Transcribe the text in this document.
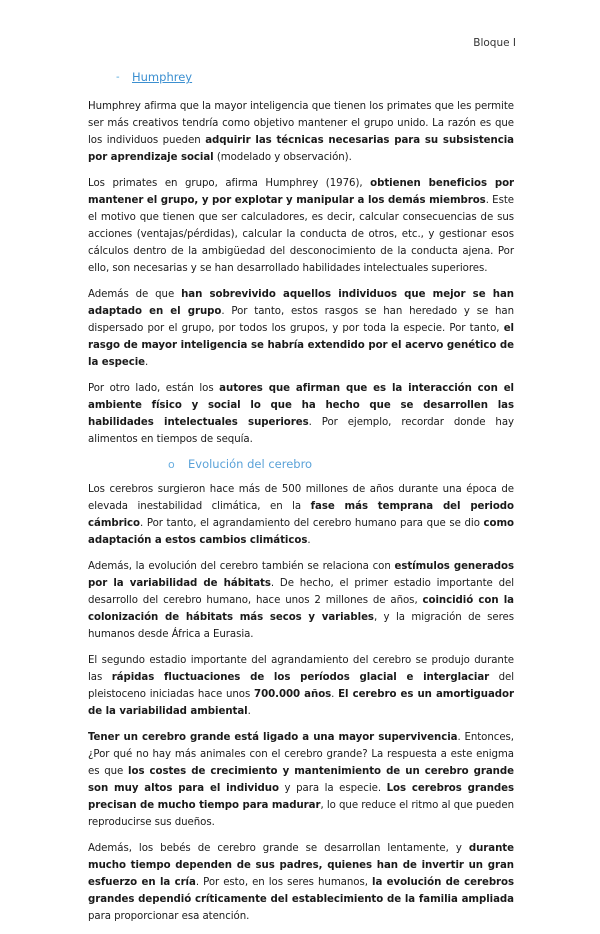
Bloque I
-	Humphrey

Humphrey afirma que la mayor inteligencia que tienen los primates que les permite ser más creativos tendría como objetivo mantener el grupo unido. La razón es que los individuos pueden adquirir las técnicas necesarias para su subsistencia por aprendizaje social (modelado y observación).

Los primates en grupo, afirma Humphrey (1976), obtienen beneficios por mantener el grupo, y por explotar y manipular a los demás miembros. Este el motivo que tienen que ser calculadores, es decir, calcular consecuencias de sus acciones (ventajas/pérdidas), calcular la conducta de otros, etc., y gestionar esos cálculos dentro de la ambigüedad del desconocimiento de la conducta ajena. Por ello, son necesarias y se han desarrollado habilidades intelectuales superiores.

Además de que han sobrevivido aquellos individuos que mejor se han adaptado en el grupo. Por tanto, estos rasgos se han heredado y se han dispersado por el grupo, por todos los grupos, y por toda la especie. Por tanto, el rasgo de mayor inteligencia se habría extendido por el acervo genético de la especie.

Por otro lado, están los autores que afirman que es la interacción con el ambiente físico y social lo que ha hecho que se desarrollen las habilidades intelectuales superiores. Por ejemplo, recordar donde hay alimentos en tiempos de sequía.

o	Evolución del cerebro

Los cerebros surgieron hace más de 500 millones de años durante una época de elevada inestabilidad climática, en la fase más temprana del periodo cámbrico. Por tanto, el agrandamiento del cerebro humano para que se dio como adaptación a estos cambios climáticos.

Además, la evolución del cerebro también se relaciona con estímulos generados por la variabilidad de hábitats. De hecho, el primer estadio importante del desarrollo del cerebro humano, hace unos 2 millones de años, coincidió con la colonización de hábitats más secos y variables, y la migración de seres humanos desde África a Eurasia.

El segundo estadio importante del agrandamiento del cerebro se produjo durante las rápidas fluctuaciones de los períodos glacial e interglaciar del pleistoceno iniciadas hace unos 700.000 años. El cerebro es un amortiguador de la variabilidad ambiental.

Tener un cerebro grande está ligado a una mayor supervivencia. Entonces, ¿Por qué no hay más animales con el cerebro grande? La respuesta a este enigma es que los costes de crecimiento y mantenimiento de un cerebro grande son muy altos para el individuo y para la especie. Los cerebros grandes precisan de mucho tiempo para madurar, lo que reduce el ritmo al que pueden reproducirse sus dueños.

Además, los bebés de cerebro grande se desarrollan lentamente, y durante mucho tiempo dependen de sus padres, quienes han de invertir un gran esfuerzo en la cría. Por esto, en los seres humanos, la evolución de cerebros grandes dependió críticamente del establecimiento de la familia ampliada para proporcionar esa atención.
